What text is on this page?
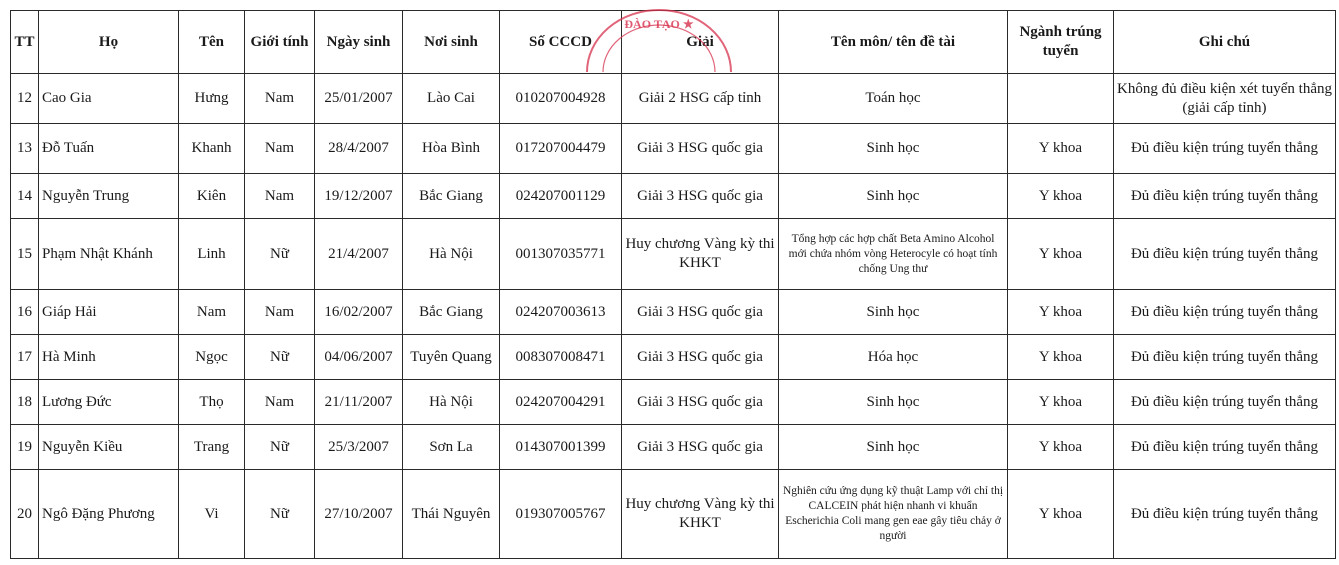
TT	Họ	Tên	Giới tính	Ngày sinh	Nơi sinh	Số CCCD	Giải	Tên môn/ tên đề tài	Ngành trúng tuyển	Ghi chú
12	Cao Gia	Hưng	Nam	25/01/2007	Lào Cai	010207004928	Giải 2 HSG cấp tỉnh	Toán học		Không đủ điều kiện xét tuyển thẳng (giải cấp tỉnh)
13	Đỗ Tuấn	Khanh	Nam	28/4/2007	Hòa Bình	017207004479	Giải 3 HSG quốc gia	Sinh học	Y khoa	Đủ điều kiện trúng tuyển thẳng
14	Nguyễn Trung	Kiên	Nam	19/12/2007	Bắc Giang	024207001129	Giải 3 HSG quốc gia	Sinh học	Y khoa	Đủ điều kiện trúng tuyển thẳng
15	Phạm Nhật Khánh	Linh	Nữ	21/4/2007	Hà Nội	001307035771	Huy chương Vàng kỳ thi KHKT	Tổng hợp các hợp chất Beta Amino Alcohol mới chứa nhóm vòng Heterocyle có hoạt tính chống Ung thư	Y khoa	Đủ điều kiện trúng tuyển thẳng
16	Giáp Hải	Nam	Nam	16/02/2007	Bắc Giang	024207003613	Giải 3 HSG quốc gia	Sinh học	Y khoa	Đủ điều kiện trúng tuyển thẳng
17	Hà Minh	Ngọc	Nữ	04/06/2007	Tuyên Quang	008307008471	Giải 3 HSG quốc gia	Hóa học	Y khoa	Đủ điều kiện trúng tuyển thẳng
18	Lương Đức	Thọ	Nam	21/11/2007	Hà Nội	024207004291	Giải 3 HSG quốc gia	Sinh học	Y khoa	Đủ điều kiện trúng tuyển thẳng
19	Nguyễn Kiều	Trang	Nữ	25/3/2007	Sơn La	014307001399	Giải 3 HSG quốc gia	Sinh học	Y khoa	Đủ điều kiện trúng tuyển thẳng
20	Ngô Đặng Phương	Vi	Nữ	27/10/2007	Thái Nguyên	019307005767	Huy chương Vàng kỳ thi KHKT	Nghiên cứu ứng dụng kỹ thuật Lamp với chỉ thị CALCEIN phát hiện nhanh vi khuẩn Escherichia Coli mang gen eae gây tiêu chảy ở người	Y khoa	Đủ điều kiện trúng tuyển thẳng
ĐÀO TẠO ★
